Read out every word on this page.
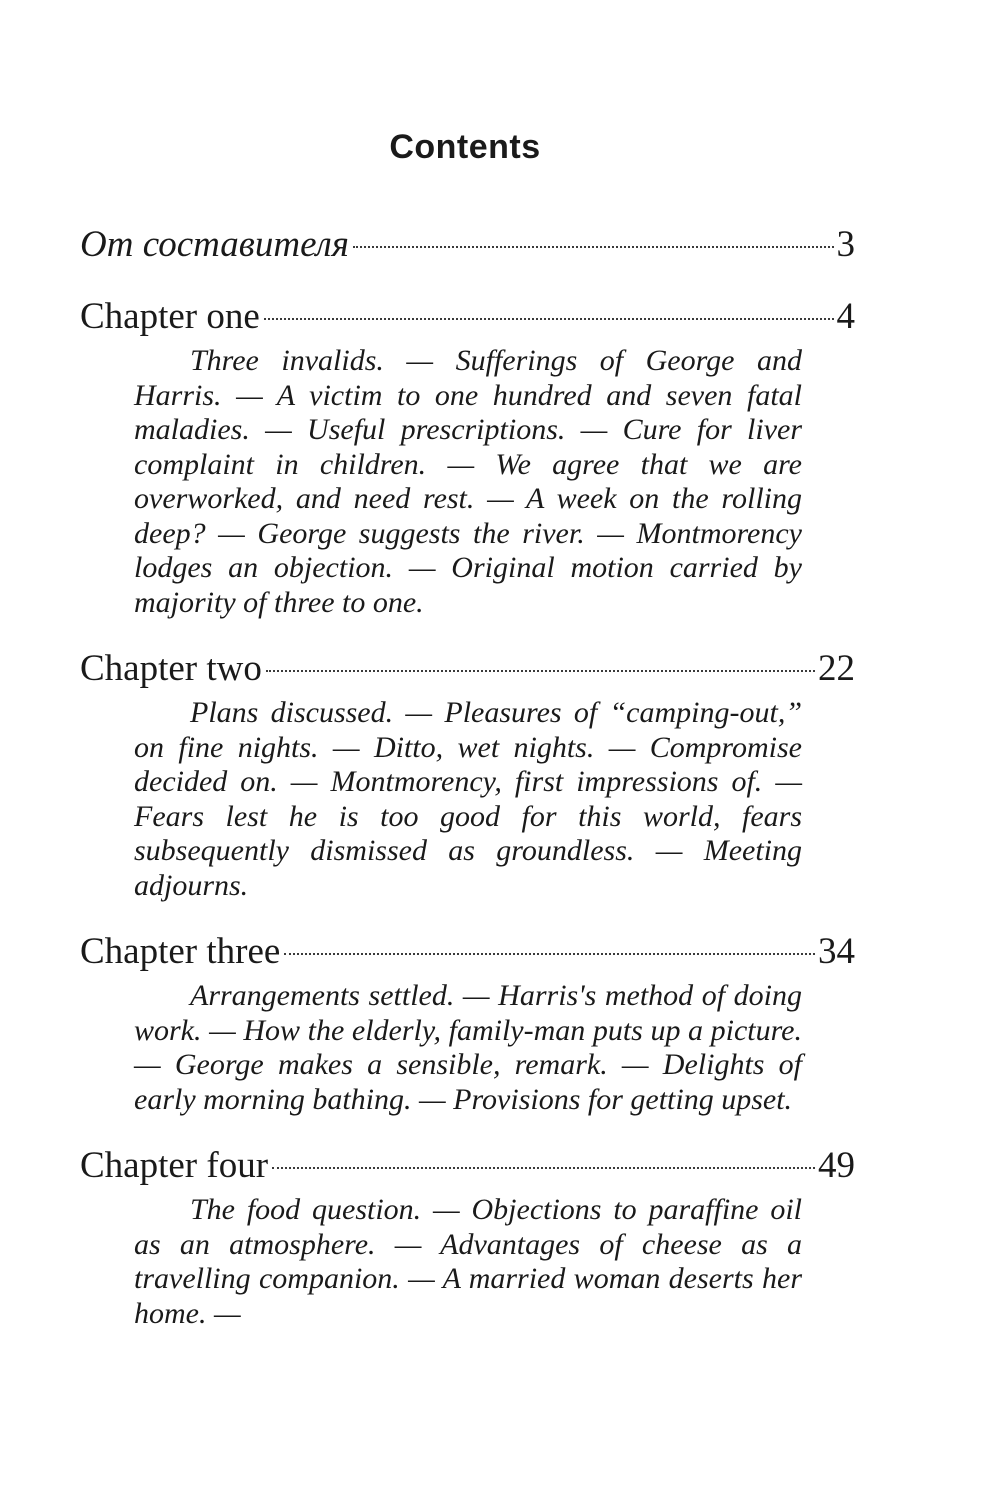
Contents
От составителя	3
Chapter one	4
Three invalids. — Sufferings of George and Harris. — A victim to one hundred and seven fatal maladies. — Useful prescriptions. — Cure for liver complaint in children. — We agree that we are overworked, and need rest. — A week on the rolling deep? — George suggests the river. — Montmorency lodges an objection. — Original motion carried by majority of three to one.
Chapter two	22
Plans discussed. — Pleasures of “camping-out,” on fine nights. — Ditto, wet nights. — Compromise decided on. — Montmorency, first impressions of. —Fears lest he is too good for this world, fears subsequently dismissed as groundless. — Meeting adjourns.
Chapter three	34
Arrangements settled. — Harris's method of doing work. — How the elderly, family-man puts up a picture. — George makes a sensible, remark. — Delights of early morning bathing. — Provisions for getting upset.
Chapter four	49
The food question. — Objections to paraffine oil as an atmosphere. — Advantages of cheese as a travelling companion. — A married woman deserts her home. —
